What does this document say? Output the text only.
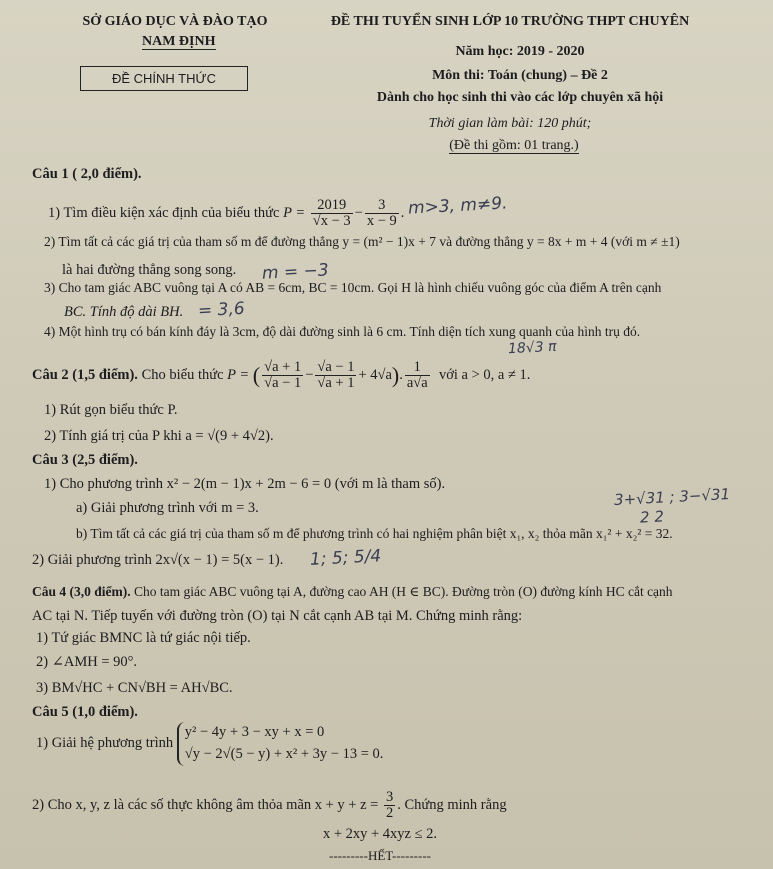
SỞ GIÁO DỤC VÀ ĐÀO TẠO
NAM ĐỊNH
ĐỀ CHÍNH THỨC
ĐỀ THI TUYỂN SINH LỚP 10 TRƯỜNG THPT CHUYÊN
Năm học: 2019 - 2020
Môn thi: Toán (chung) – Đề 2
Dành cho học sinh thi vào các lớp chuyên xã hội
Thời gian làm bài: 120 phút;
(Đề thi gồm: 01 trang.)
Câu 1 ( 2,0 điểm).
1) Tìm điều kiện xác định của biểu thức $P = \frac{2019}{√x - 3} - \frac{3}{x - 9}$ . m>3, m≠9.
2) Tìm tất cả các giá trị của tham số m để đường thẳng y = (m² − 1)x + 7 và đường thẳng y = 8x + m + 4 (với m ≠ ±1)
là hai đường thẳng song song. m = −3
3) Cho tam giác ABC vuông tại A có AB = 6cm, BC = 10cm. Gọi H là hình chiếu vuông góc của điểm A trên cạnh
BC. Tính độ dài BH. = 3,6
4) Một hình trụ có bán kính đáy là 3cm, độ dài đường sinh là 6 cm. Tính diện tích xung quanh của hình trụ đó.
18√3 π
Câu 2 (1,5 điểm). Cho biểu thức P = ( $\frac{√a + 1}{√a - 1} - \frac{√a - 1}{√a + 1} + 4√a$). $\frac{1}{a√a}$ với a > 0, a ≠ 1.
1) Rút gọn biểu thức P.
2) Tính giá trị của P khi a = √(9 + 4√2).
Câu 3 (2,5 điểm).
1) Cho phương trình x² − 2(m − 1)x + 2m − 6 = 0 (với m là tham số).
a) Giải phương trình với m = 3.	3+√31 ; 3−√31
2 2
b) Tìm tất cả các giá trị của tham số m để phương trình có hai nghiệm phân biệt x₁, x₂ thỏa mãn x₁² + x₂² = 32.
2) Giải phương trình 2x√(x − 1) = 5(x − 1). 1; 5; 5/4
Câu 4 (3,0 điểm). Cho tam giác ABC vuông tại A, đường cao AH (H ∈ BC). Đường tròn (O) đường kính HC cắt cạnh
AC tại N. Tiếp tuyến với đường tròn (O) tại N cắt cạnh AB tại M. Chứng minh rằng:
1) Tứ giác BMNC là tứ giác nội tiếp.
2) ∠AMH = 90°.
3) BM√HC + CN√BH = AH√BC.
Câu 5 (1,0 điểm).
1) Giải hệ phương trình
y² − 4y + 3 − xy + x = 0
√y − 2√(5 − y) + x² + 3y − 13 = 0.
2) Cho x, y, z là các số thực không âm thỏa mãn $x + y + z = \frac{3}{2}$ . Chứng minh rằng
x + 2xy + 4xyz ≤ 2.
---------HẾT---------
